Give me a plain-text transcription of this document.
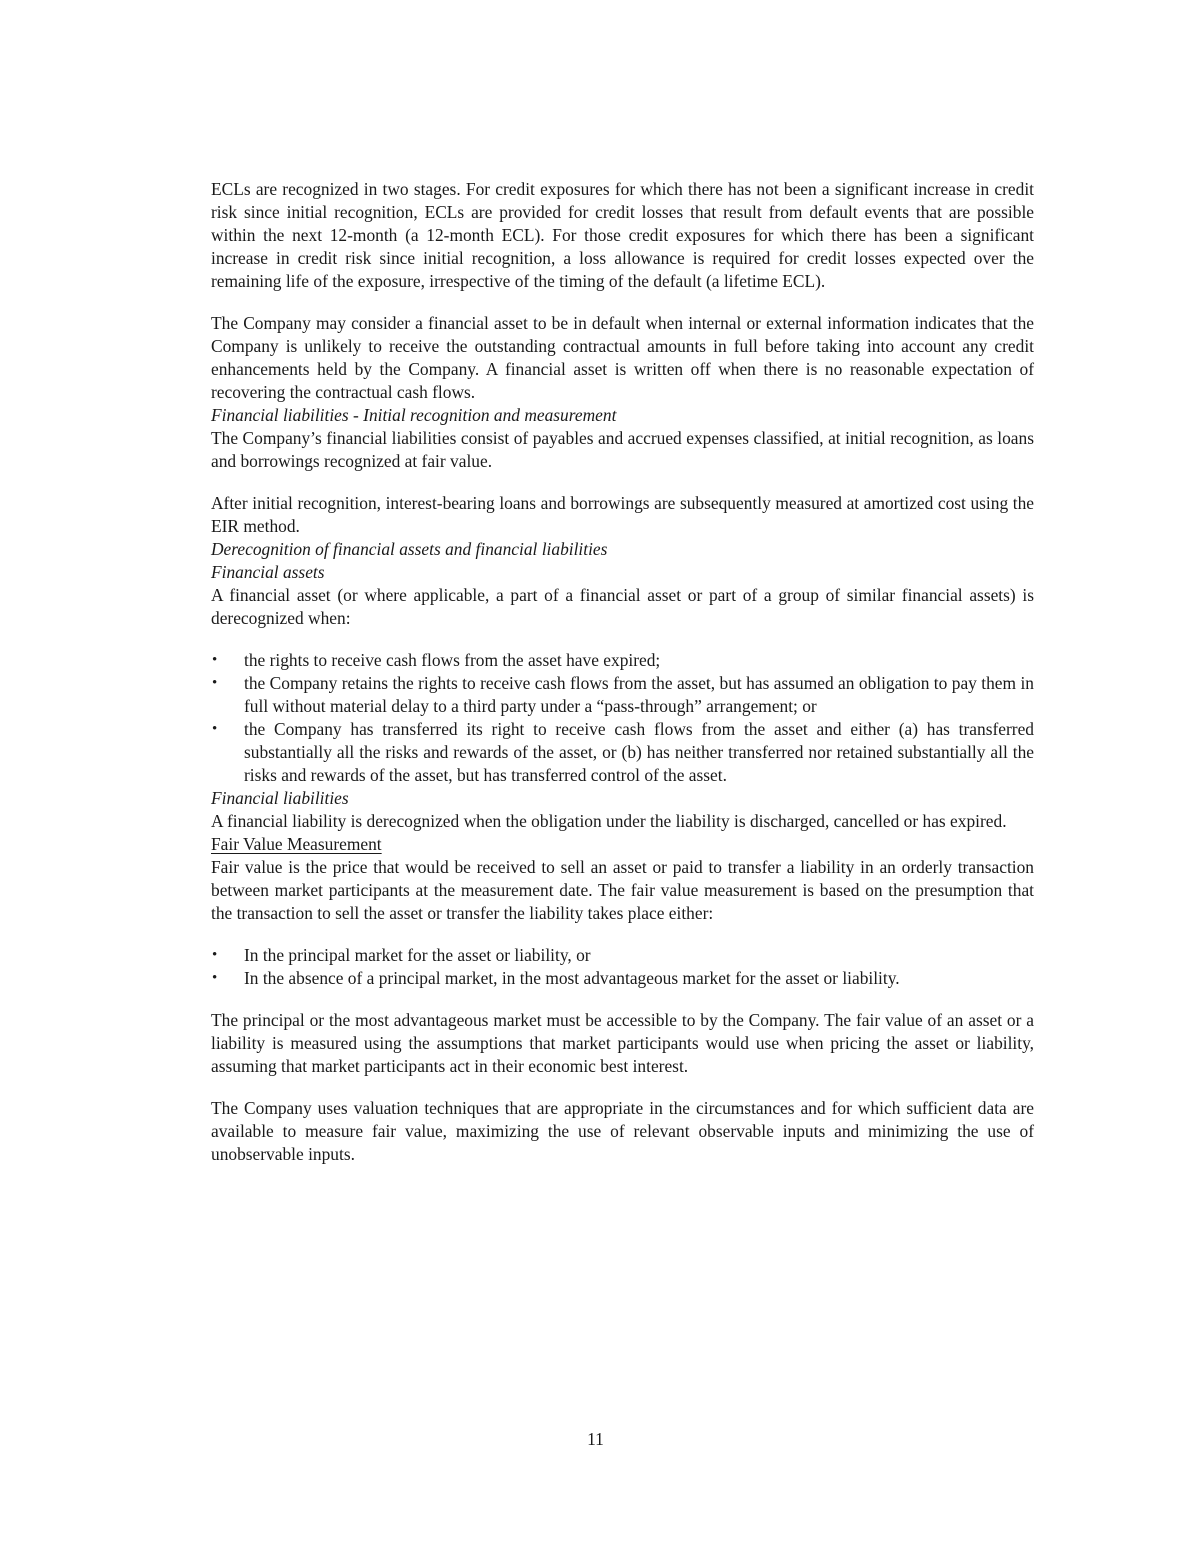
ECLs are recognized in two stages. For credit exposures for which there has not been a significant increase in credit risk since initial recognition, ECLs are provided for credit losses that result from default events that are possible within the next 12-month (a 12-month ECL). For those credit exposures for which there has been a significant increase in credit risk since initial recognition, a loss allowance is required for credit losses expected over the remaining life of the exposure, irrespective of the timing of the default (a lifetime ECL).

The Company may consider a financial asset to be in default when internal or external information indicates that the Company is unlikely to receive the outstanding contractual amounts in full before taking into account any credit enhancements held by the Company. A financial asset is written off when there is no reasonable expectation of recovering the contractual cash flows.

Financial liabilities - Initial recognition and measurement

The Company’s financial liabilities consist of payables and accrued expenses classified, at initial recognition, as loans and borrowings recognized at fair value.

After initial recognition, interest-bearing loans and borrowings are subsequently measured at amortized cost using the EIR method.

Derecognition of financial assets and financial liabilities

Financial assets

A financial asset (or where applicable, a part of a financial asset or part of a group of similar financial assets) is derecognized when:

• the rights to receive cash flows from the asset have expired;
• the Company retains the rights to receive cash flows from the asset, but has assumed an obligation to pay them in full without material delay to a third party under a “pass-through” arrangement; or
• the Company has transferred its right to receive cash flows from the asset and either (a) has transferred substantially all the risks and rewards of the asset, or (b) has neither transferred nor retained substantially all the risks and rewards of the asset, but has transferred control of the asset.

Financial liabilities

A financial liability is derecognized when the obligation under the liability is discharged, cancelled or has expired.

Fair Value Measurement

Fair value is the price that would be received to sell an asset or paid to transfer a liability in an orderly transaction between market participants at the measurement date. The fair value measurement is based on the presumption that the transaction to sell the asset or transfer the liability takes place either:

• In the principal market for the asset or liability, or
• In the absence of a principal market, in the most advantageous market for the asset or liability.

The principal or the most advantageous market must be accessible to by the Company. The fair value of an asset or a liability is measured using the assumptions that market participants would use when pricing the asset or liability, assuming that market participants act in their economic best interest.

The Company uses valuation techniques that are appropriate in the circumstances and for which sufficient data are available to measure fair value, maximizing the use of relevant observable inputs and minimizing the use of unobservable inputs.

11
